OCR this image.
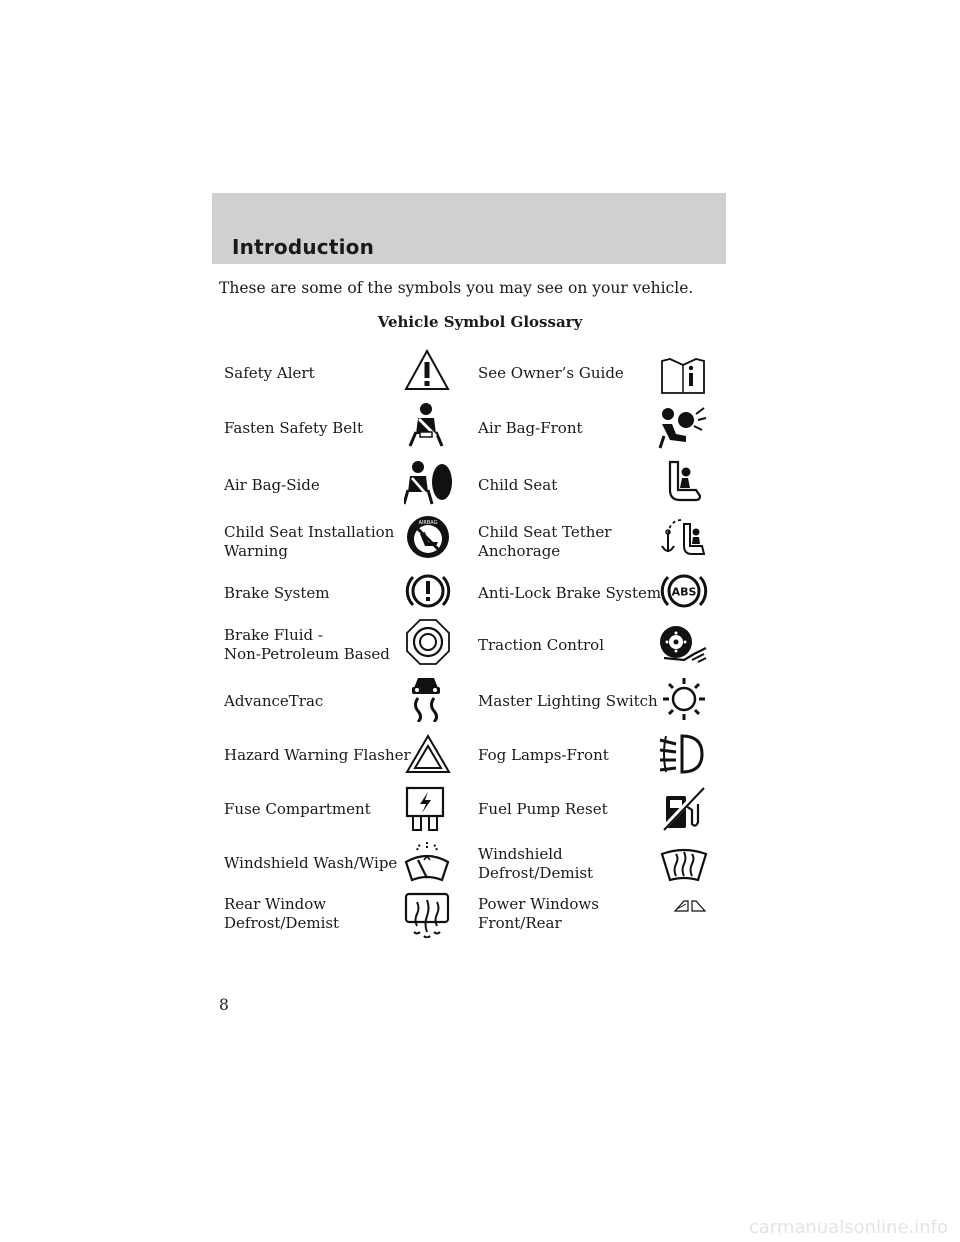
Introduction
These are some of the symbols you may see on your vehicle.
Vehicle Symbol Glossary
Safety Alert
Fasten Safety Belt
Air Bag-Side
Child Seat Installation
Warning
Brake System
Brake Fluid -
Non-Petroleum Based
AdvanceTrac
Hazard Warning Flasher
Fuse Compartment
Windshield Wash/Wipe
Rear Window
Defrost/Demist
See Owner’s Guide
Air Bag-Front
Child Seat
Child Seat Tether
Anchorage
Anti-Lock Brake System
Traction Control
Master Lighting Switch
Fog Lamps-Front
Fuel Pump Reset
Windshield
Defrost/Demist
Power Windows
Front/Rear
AIRBAG
ABS
8
carmanualsonline.info
